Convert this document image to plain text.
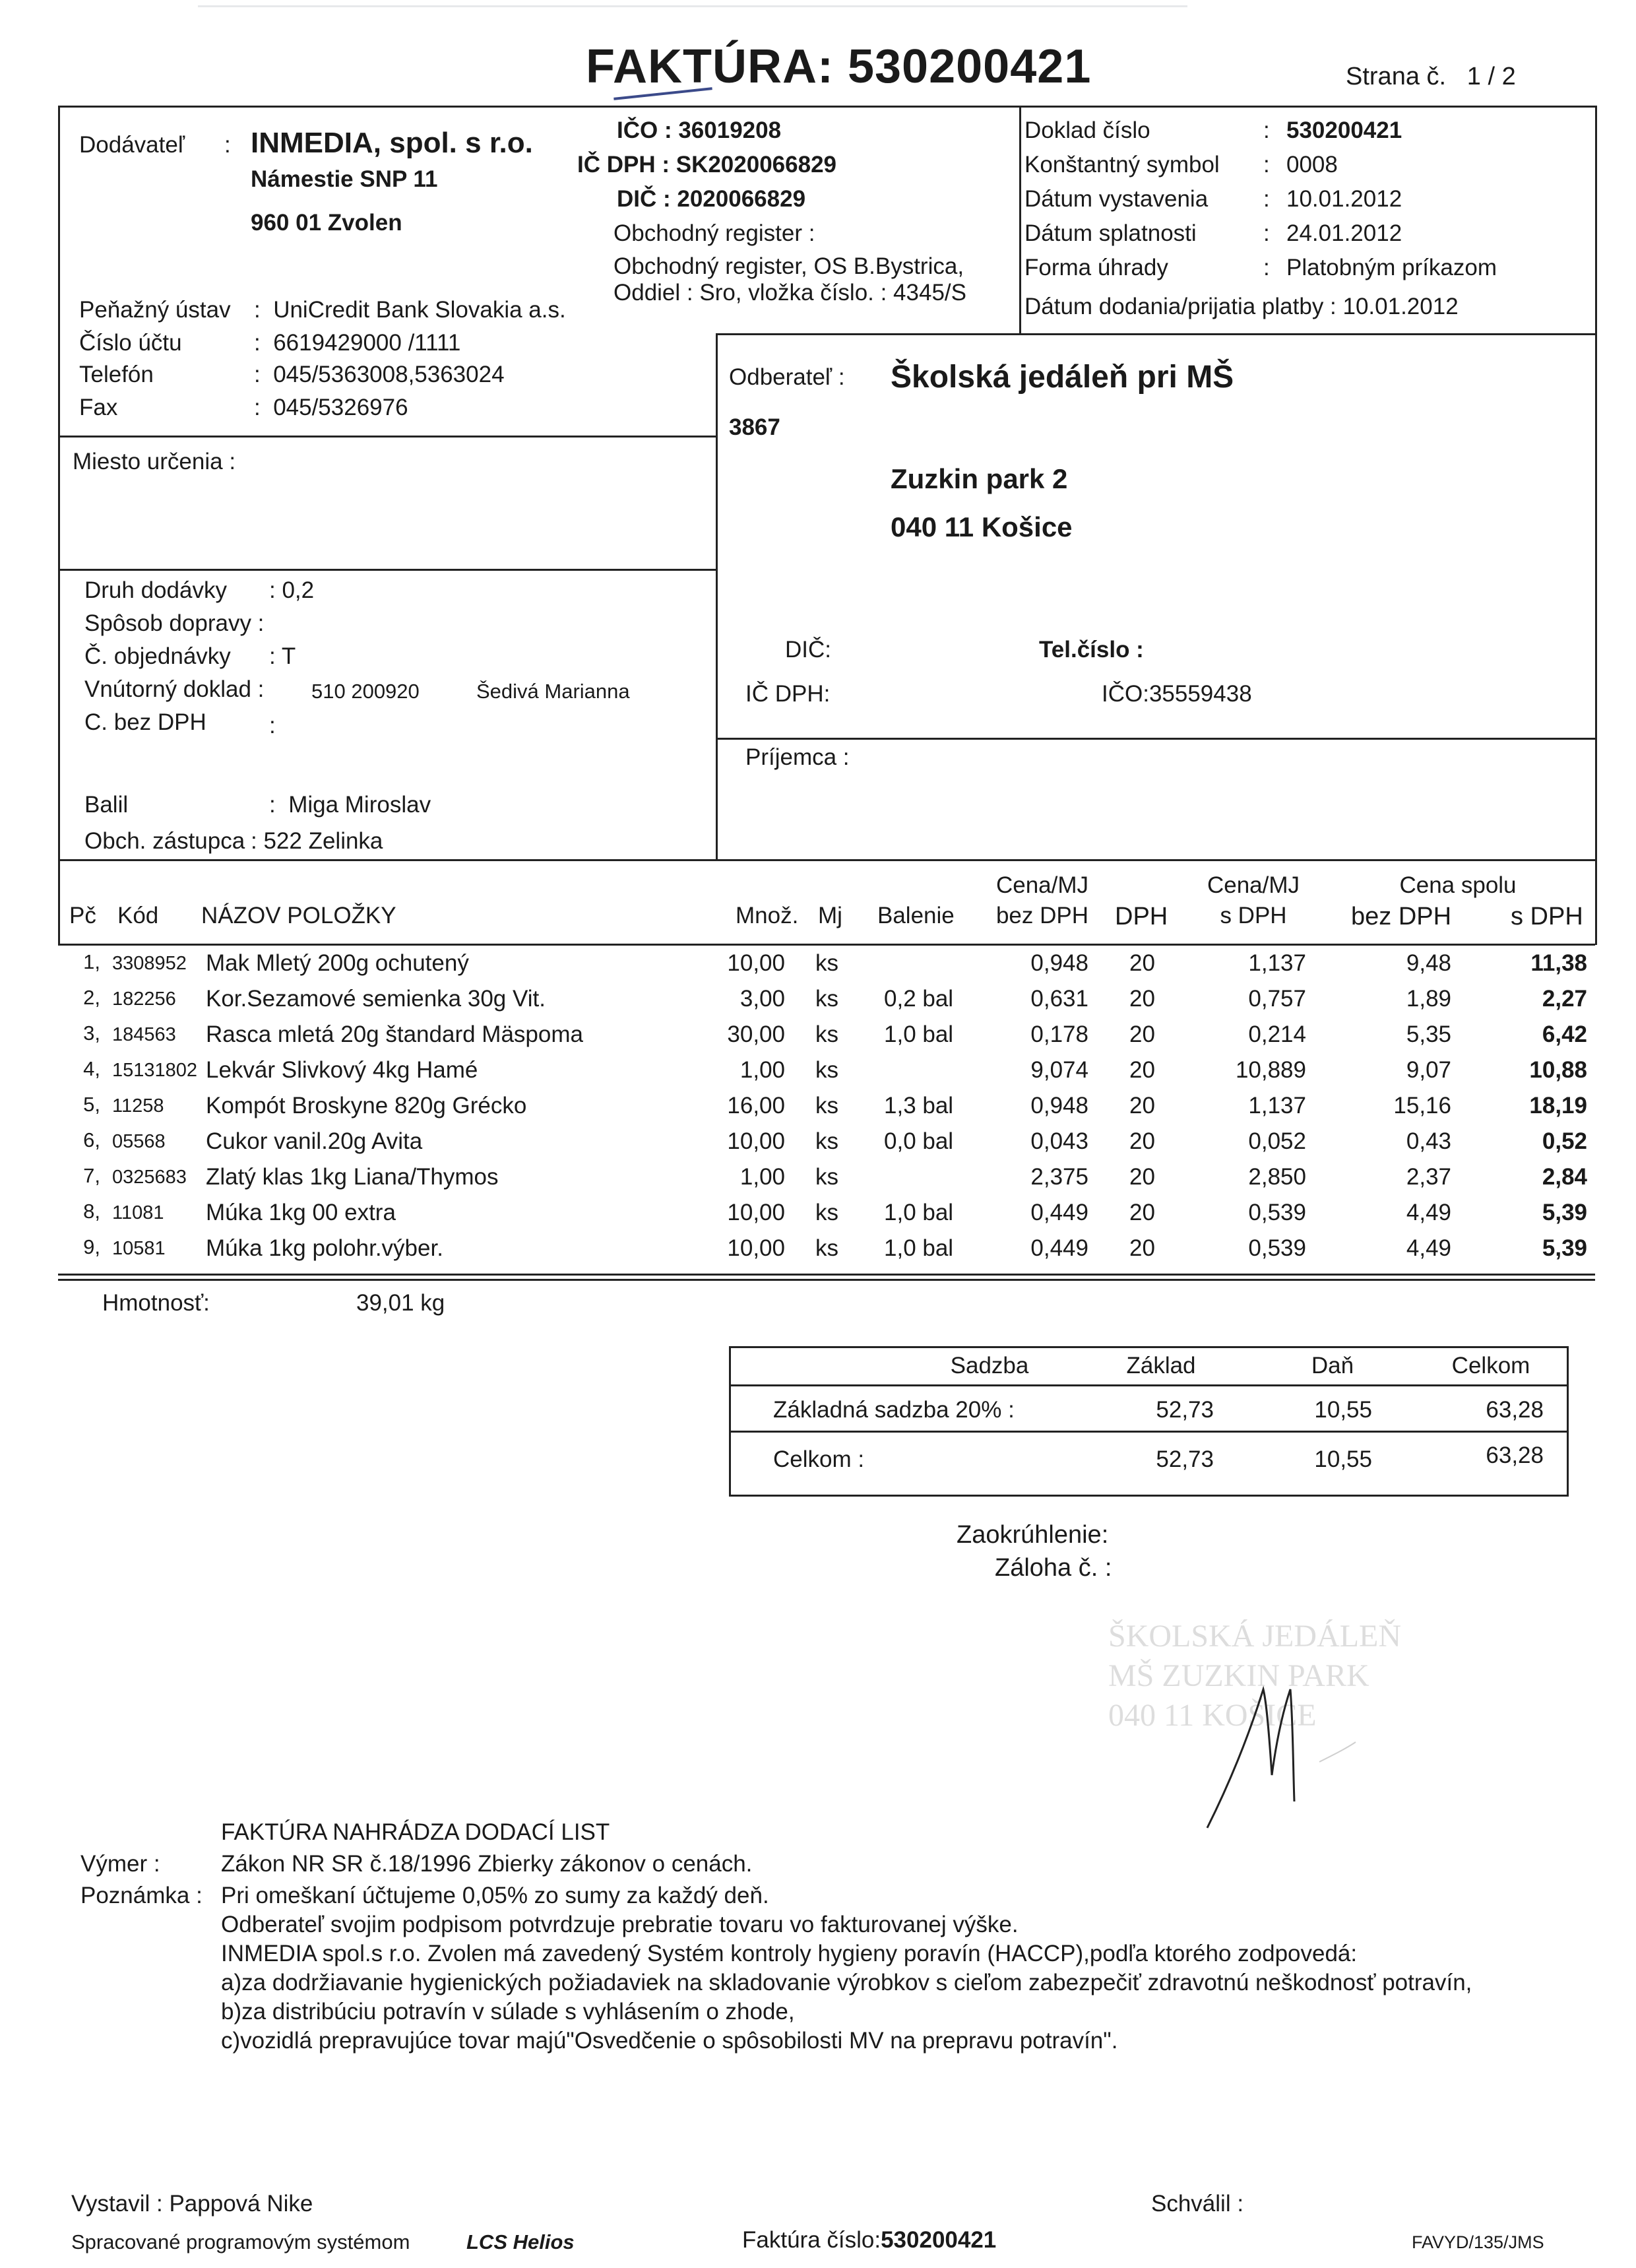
FAKTÚRA: 530200421	Strana č. 1 / 2
Dodávateľ : INMEDIA, spol. s r.o.
Námestie SNP 11
960 01 Zvolen
IČO : 36019208
IČ DPH : SK2020066829
DIČ : 2020066829
Obchodný register :
Obchodný register, OS B.Bystrica,
Oddiel : Sro, vložka číslo. : 4345/S
Peňažný ústav :  UniCredit Bank Slovakia a.s.
Číslo účtu	:  6619429000 /1111
Telefón	:  045/5363008,5363024
Fax	:  045/5326976
Doklad číslo	: 530200421
Konštantný symbol : 0008
Dátum vystavenia : 10.01.2012
Dátum splatnosti	: 24.01.2012
Forma úhrady	: Platobným príkazom
Dátum dodania/prijatia platby : 10.01.2012
Miesto určenia :
Odberateľ : Školská jedáleň pri MŠ
3867
Zuzkin park 2
040 11 Košice
DIČ:	Tel.číslo :
IČ DPH:	IČO:35559438
Príjemca :
Druh dodávky : 0,2
Spôsob dopravy :
Č. objednávky : T
Vnútorný doklad : 510 200920	Šedivá Marianna
C. bez DPH	:
Balil	:  Miga Miroslav
Obch. zástupca : 522 Zelinka
Pč Kód NÁZOV POLOŽKY	Množ. Mj Balenie
Cena/MJ
bez DPH	DPH
Cena/MJ
s DPH
Cena spolu
bez DPH s DPH
1, 3308952 Mak Mletý 200g ochutený	10,00 ks	0,948 20	1,137	9,48	11,38
2, 182256 Kor.Sezamové semienka 30g Vit.	3,00 ks 0,2 bal	0,631 20	0,757	1,89	2,27
3, 184563 Rasca mletá 20g štandard Mäspoma	30,00 ks 1,0 bal	0,178 20	0,214	5,35	6,42
4, 15131802 Lekvár Slivkový 4kg Hamé	1,00 ks	9,074 20	10,889	9,07	10,88
5, 11258 Kompót Broskyne 820g Grécko	16,00 ks 1,3 bal	0,948 20	1,137	15,16	18,19
6, 05568 Cukor vanil.20g Avita	10,00 ks 0,0 bal	0,043 20	0,052	0,43	0,52
7, 0325683 Zlatý klas 1kg Liana/Thymos	1,00 ks	2,375 20	2,850	2,37	2,84
8, 11081 Múka 1kg 00 extra	10,00 ks 1,0 bal	0,449 20	0,539	4,49	5,39
9, 10581 Múka 1kg polohr.výber.	10,00 ks 1,0 bal	0,449 20	0,539	4,49	5,39
Hmotnosť:	39,01 kg
Sadzba	Základ	Daň	Celkom
Základná sadzba 20% :	52,73	10,55	63,28
Celkom :	52,73	10,55	63,28
Zaokrúhlenie:
Záloha č. :
ŠKOLSKÁ JEDÁLEŇ
MŠ ZUZKIN PARK
040 11 KOŠICE
FAKTÚRA NAHRÁDZA DODACÍ LIST
Výmer :	Zákon NR SR č.18/1996 Zbierky zákonov o cenách.
Poznámka : Pri omeškaní účtujeme 0,05% zo sumy za každý deň.
Odberateľ svojim podpisom potvrdzuje prebratie tovaru vo fakturovanej výške.
INMEDIA spol.s r.o. Zvolen má zavedený Systém kontroly hygieny poravín (HACCP),podľa ktorého zodpovedá:
a)za dodržiavanie hygienických požiadaviek na skladovanie výrobkov s cieľom zabezpečiť zdravotnú neškodnosť potravín,
b)za distribúciu potravín v súlade s vyhlásením o zhode,
c)vozidlá prepravujúce tovar majú"Osvedčenie o spôsobilosti MV na prepravu potravín".
Vystavil : Pappová Nike	Schválil :
Spracované programovým systémom	LCS Helios	Faktúra číslo:530200421	FAVYD/135/JMS
